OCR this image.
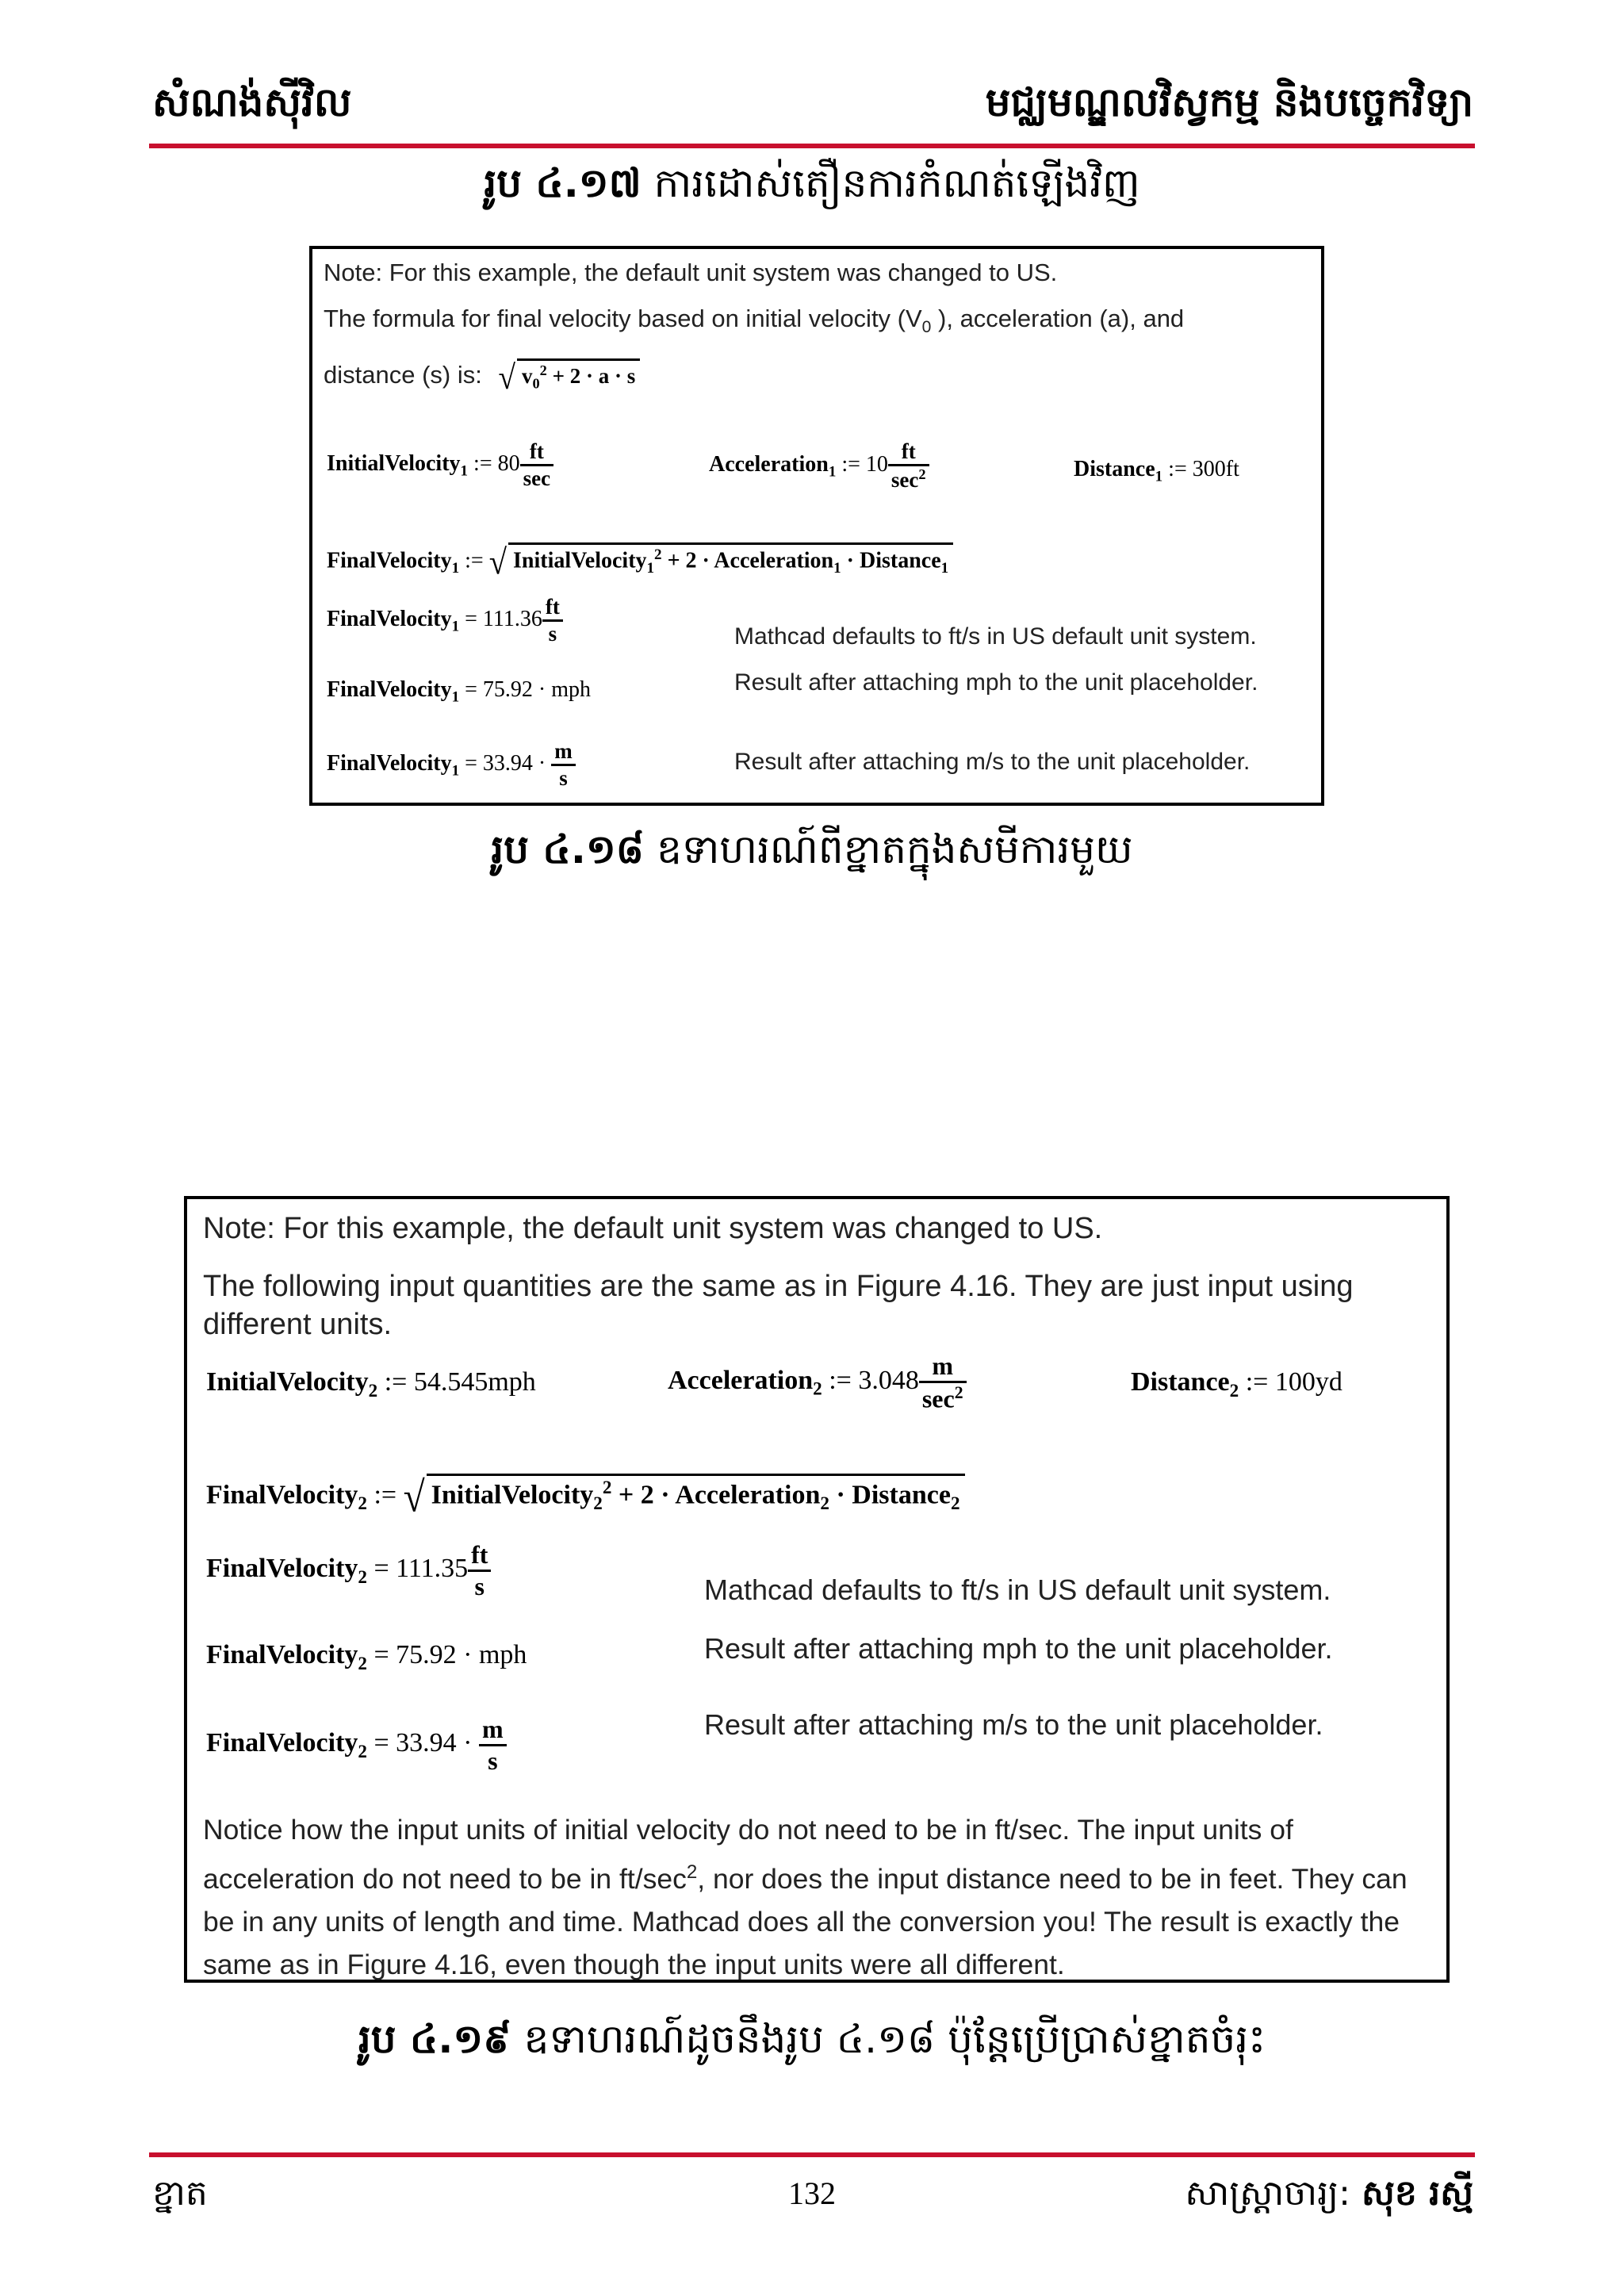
សំណង់ស៊ីវិល	មជ្ឈមណ្ឌលវិស្វកម្ម និងបច្ចេកវិទ្យា
រូប ៤.១៧ ការដោស់តឿនការកំណត់ឡើងវិញ
Note: For this example, the default unit system was changed to US.
The formula for final velocity based on initial velocity ($V_0$ ), acceleration (a), and
distance (s) is: √ $v_0^2 + 2 \cdot a \cdot s$
InitialVelocity$_1$ := $80 \frac{ft}{\sec}$	Acceleration$_1$ := $10 \frac{ft}{\sec^2}$	Distance$_1$ := 300ft
FinalVelocity$_1$ := √ InitialVelocity$_1^2$ + 2 · Acceleration$_1$ · Distance$_1$
FinalVelocity$_1$ = $111.36 \frac{ft}{s}$	Mathcad defaults to ft/s in US default unit system.
FinalVelocity$_1$ = 75.92 · mph	Result after attaching mph to the unit placeholder.
FinalVelocity$_1$ = $33.94 \cdot \frac{m}{s}$	Result after attaching m/s to the unit placeholder.
រូប ៤.១៨ ឧទាហរណ៍ពីខ្នាតក្នុងសមីការមួយ
Note: For this example, the default unit system was changed to US.
The following input quantities are the same as in Figure 4.16. They are just input using different units.
InitialVelocity$_2$ := 54.545mph	Acceleration$_2$ := $3.048 \frac{m}{\sec^2}$	Distance$_2$ := 100yd
FinalVelocity$_2$ := √ InitialVelocity$_2^2$ + 2 · Acceleration$_2$ · Distance$_2$
FinalVelocity$_2$ = $111.35 \frac{ft}{s}$	Mathcad defaults to ft/s in US default unit system.
FinalVelocity$_2$ = 75.92 · mph	Result after attaching mph to the unit placeholder.
FinalVelocity$_2$ = $33.94 \cdot \frac{m}{s}$	Result after attaching m/s to the unit placeholder.
Notice how the input units of initial velocity do not need to be in ft/sec. The input units of acceleration do not need to be in $ft/\sec^2$, nor does the input distance need to be in feet. They can be in any units of length and time. Mathcad does all the conversion you! The result is exactly the same as in Figure 4.16, even though the input units were all different.
រូប ៤.១៩ ឧទាហរណ៍ដូចនឹងរូប ៤.១៨ ប៉ុន្តែប្រើប្រាស់ខ្នាតចំរុះ
ខ្នាត	132	សាស្ត្រាចារ្យ: សុខ រស្មី
